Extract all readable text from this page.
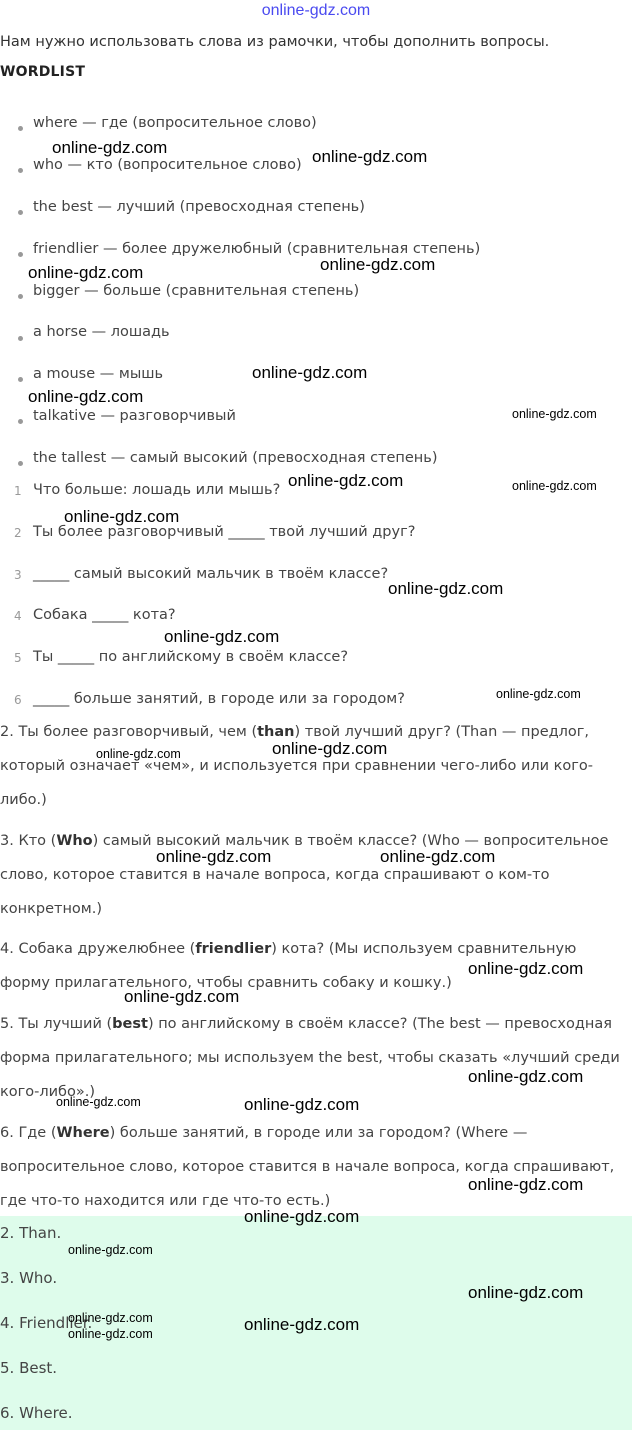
online-gdz.com
Нам нужно использовать слова из рамочки, чтобы дополнить вопросы.
WORDLIST
where — где (вопросительное слово)
who — кто (вопросительное слово)
the best — лучший (превосходная степень)
friendlier — более дружелюбный (сравнительная степень)
bigger — больше (сравнительная степень)
a horse — лошадь
a mouse — мышь
talkative — разговорчивый
the tallest — самый высокий (превосходная степень)
1 Что больше: лошадь или мышь?
2 Ты более разговорчивый _____ твой лучший друг?
3 _____ самый высокий мальчик в твоём классе?
4 Собака _____ кота?
5 Ты _____ по английскому в своём классе?
6 _____ больше занятий, в городе или за городом?
2. Ты более разговорчивый, чем (than) твой лучший друг? (Than — предлог, который означает «чем», и используется при сравнении чего-либо или кого-либо.)
3. Кто (Who) самый высокий мальчик в твоём классе? (Who — вопросительное слово, которое ставится в начале вопроса, когда спрашивают о ком-то конкретном.)
4. Собака дружелюбнее (friendlier) кота? (Мы используем сравнительную форму прилагательного, чтобы сравнить собаку и кошку.)
5. Ты лучший (best) по английскому в своём классе? (The best — превосходная форма прилагательного; мы используем the best, чтобы сказать «лучший среди кого-либо».)
6. Где (Where) больше занятий, в городе или за городом? (Where — вопросительное слово, которое ставится в начале вопроса, когда спрашивают, где что-то находится или где что-то есть.)
2. Than.
3. Who.
4. Friendlier.
5. Best.
6. Where.
online-gdz.com	online-gdz.com
online-gdz.com	online-gdz.com
online-gdz.com
online-gdz.com
online-gdz.com
online-gdz.com	online-gdz.com
online-gdz.com
online-gdz.com
online-gdz.com
online-gdz.com
online-gdz.com
online-gdz.com
online-gdz.com	online-gdz.com
online-gdz.com
online-gdz.com
online-gdz.com
online-gdz.com	online-gdz.com
online-gdz.com
online-gdz.com
online-gdz.com
online-gdz.com
online-gdz.com	online-gdz.com
online-gdz.com
